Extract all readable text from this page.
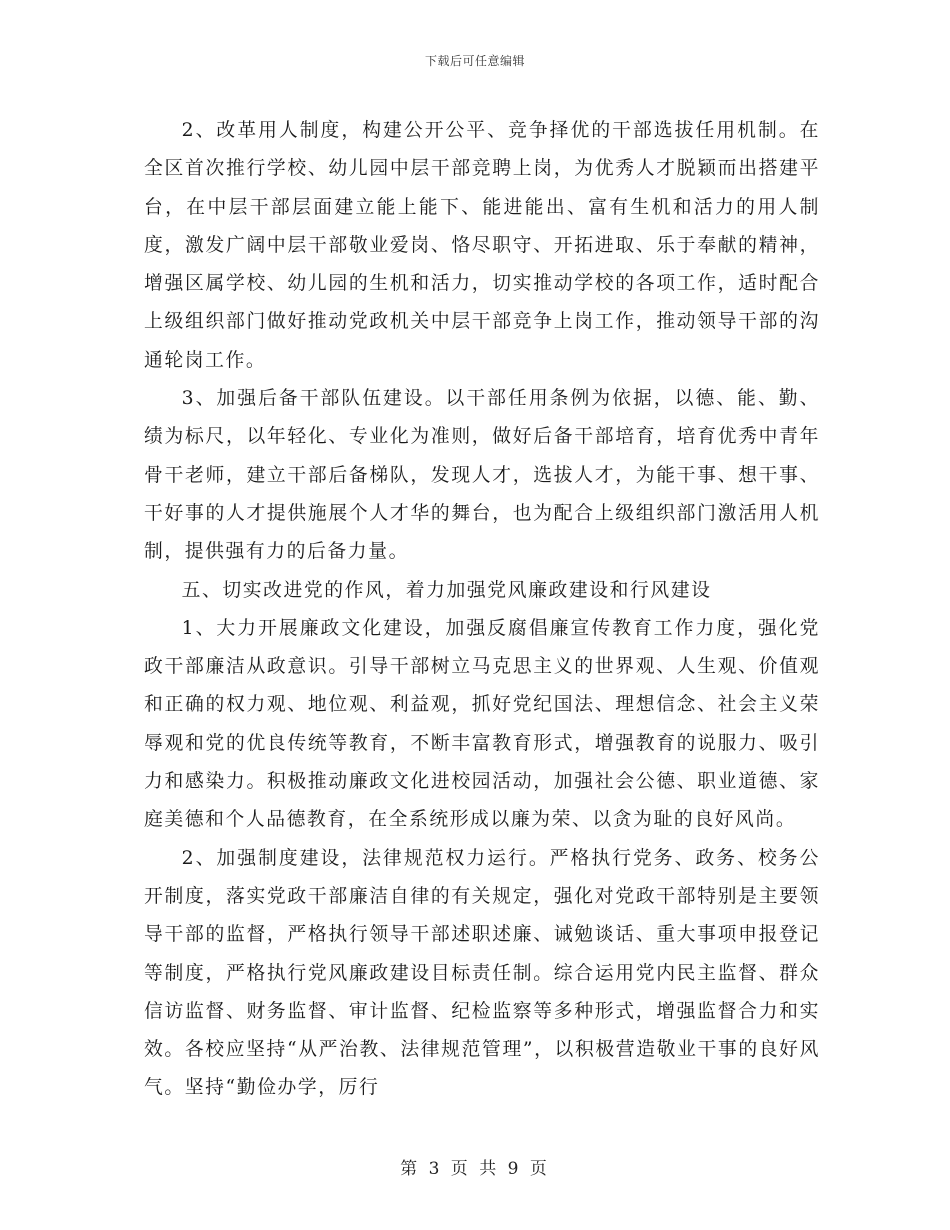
下载后可任意编辑

2、改革用人制度，构建公开公平、竞争择优的干部选拔任用机制。在全区首次推行学校、幼儿园中层干部竞聘上岗，为优秀人才脱颖而出搭建平台，在中层干部层面建立能上能下、能进能出、富有生机和活力的用人制度，激发广阔中层干部敬业爱岗、恪尽职守、开拓进取、乐于奉献的精神，增强区属学校、幼儿园的生机和活力，切实推动学校的各项工作，适时配合上级组织部门做好推动党政机关中层干部竞争上岗工作，推动领导干部的沟通轮岗工作。

3、加强后备干部队伍建设。以干部任用条例为依据，以德、能、勤、绩为标尺，以年轻化、专业化为准则，做好后备干部培育，培育优秀中青年骨干老师，建立干部后备梯队，发现人才，选拔人才，为能干事、想干事、干好事的人才提供施展个人才华的舞台，也为配合上级组织部门激活用人机制，提供强有力的后备力量。

五、切实改进党的作风，着力加强党风廉政建设和行风建设

1、大力开展廉政文化建设，加强反腐倡廉宣传教育工作力度，强化党政干部廉洁从政意识。引导干部树立马克思主义的世界观、人生观、价值观和正确的权力观、地位观、利益观，抓好党纪国法、理想信念、社会主义荣辱观和党的优良传统等教育，不断丰富教育形式，增强教育的说服力、吸引力和感染力。积极推动廉政文化进校园活动，加强社会公德、职业道德、家庭美德和个人品德教育，在全系统形成以廉为荣、以贪为耻的良好风尚。

2、加强制度建设，法律规范权力运行。严格执行党务、政务、校务公开制度，落实党政干部廉洁自律的有关规定，强化对党政干部特别是主要领导干部的监督，严格执行领导干部述职述廉、诫勉谈话、重大事项申报登记等制度，严格执行党风廉政建设目标责任制。综合运用党内民主监督、群众信访监督、财务监督、审计监督、纪检监察等多种形式，增强监督合力和实效。各校应坚持“从严治教、法律规范管理”，以积极营造敬业干事的良好风气。坚持“勤俭办学，厉行

第 3 页 共 9 页
